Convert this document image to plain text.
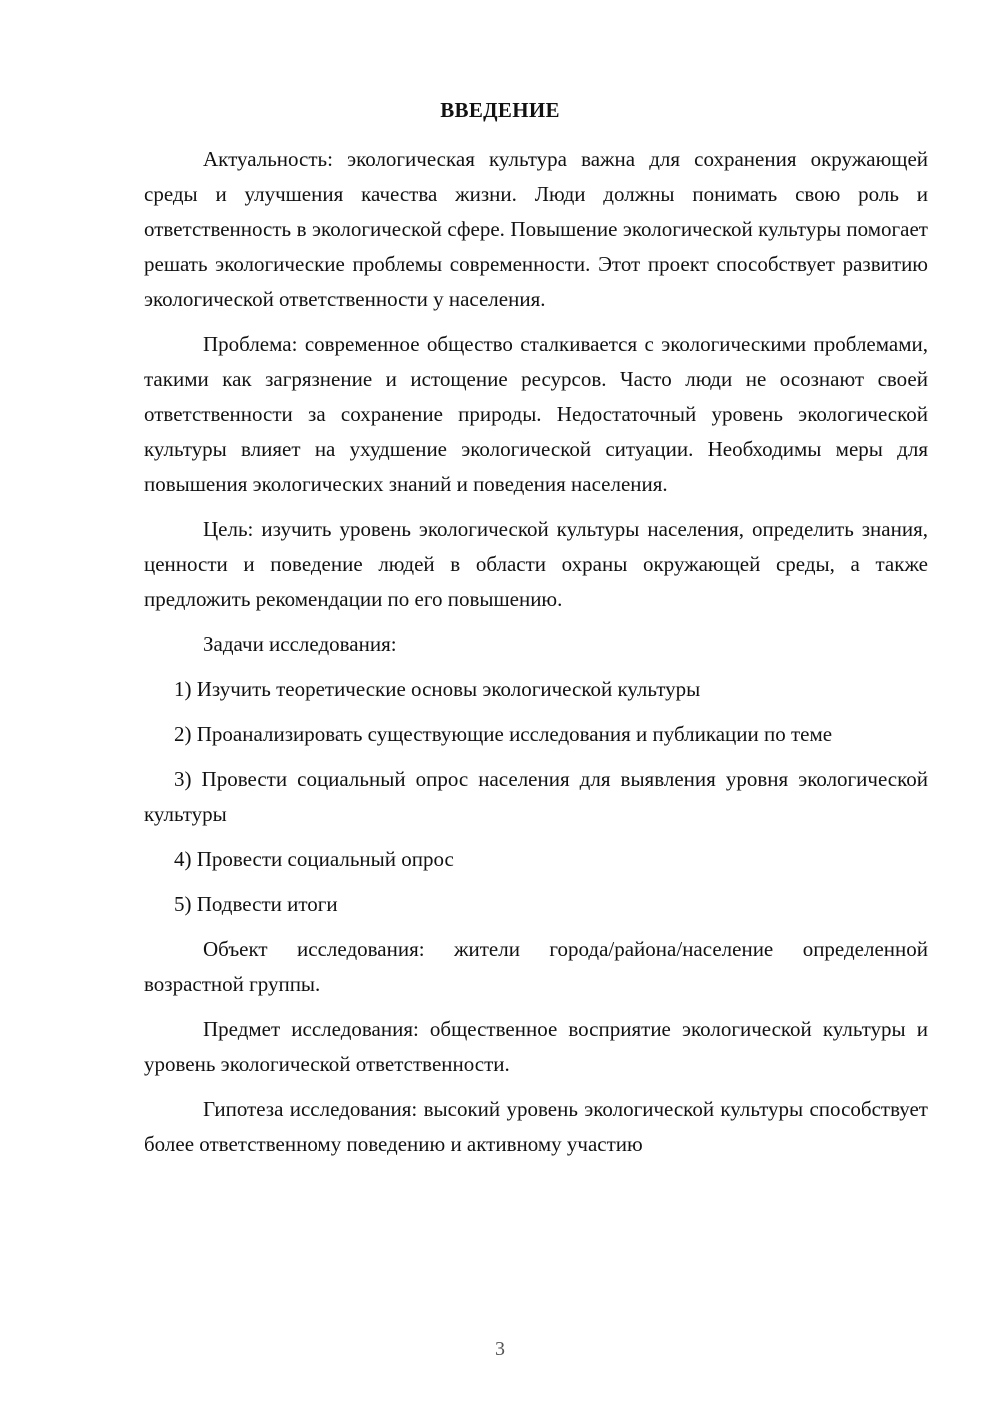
ВВЕДЕНИЕ

Актуальность: экологическая культура важна для сохранения окружающей среды и улучшения качества жизни. Люди должны понимать свою роль и ответственность в экологической сфере. Повышение экологической культуры помогает решать экологические проблемы современности. Этот проект способствует развитию экологической ответственности у населения.

Проблема: современное общество сталкивается с экологическими проблемами, такими как загрязнение и истощение ресурсов. Часто люди не осознают своей ответственности за сохранение природы. Недостаточный уровень экологической культуры влияет на ухудшение экологической ситуации. Необходимы меры для повышения экологических знаний и поведения населения.

Цель: изучить уровень экологической культуры населения, определить знания, ценности и поведение людей в области охраны окружающей среды, а также предложить рекомендации по его повышению.

Задачи исследования:

1) Изучить теоретические основы экологической культуры

2) Проанализировать существующие исследования и публикации по теме

3) Провести социальный опрос населения для выявления уровня экологической культуры

4) Провести социальный опрос

5) Подвести итоги

Объект исследования: жители города/района/население определенной возрастной группы.

Предмет исследования: общественное восприятие экологической культуры и уровень экологической ответственности.

Гипотеза исследования: высокий уровень экологической культуры способствует более ответственному поведению и активному участию

3
